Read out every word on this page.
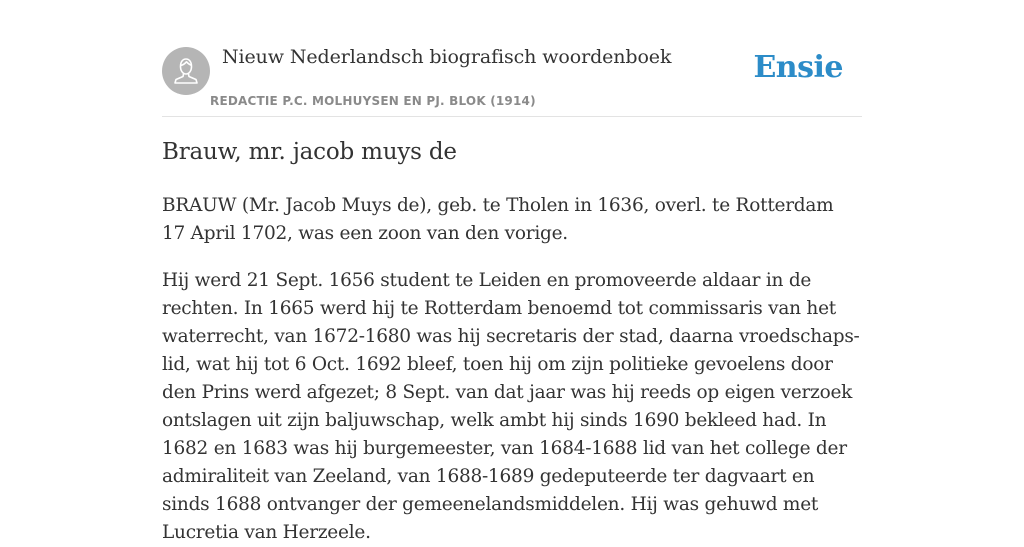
Nieuw Nederlandsch biografisch woordenboek
REDACTIE P.C. MOLHUYSEN EN PJ. BLOK (1914)
Ensie
Brauw, mr. jacob muys de

BRAUW (Mr. Jacob Muys de), geb. te Tholen in 1636, overl. te Rotterdam 17 April 1702, was een zoon van den vorige.

Hij werd 21 Sept. 1656 student te Leiden en promoveerde aldaar in de rechten. In 1665 werd hij te Rotterdam benoemd tot commissaris van het waterrecht, van 1672-1680 was hij secretaris der stad, daarna vroedschaps- lid, wat hij tot 6 Oct. 1692 bleef, toen hij om zijn politieke gevoelens door den Prins werd afgezet; 8 Sept. van dat jaar was hij reeds op eigen verzoek ontslagen uit zijn baljuwschap, welk ambt hij sinds 1690 bekleed had. In 1682 en 1683 was hij burgemeester, van 1684-1688 lid van het college der admiraliteit van Zeeland, van 1688-1689 gedeputeerde ter dagvaart en sinds 1688 ontvanger der gemeenelandsmiddelen. Hij was gehuwd met Lucretia van Herzeele.
